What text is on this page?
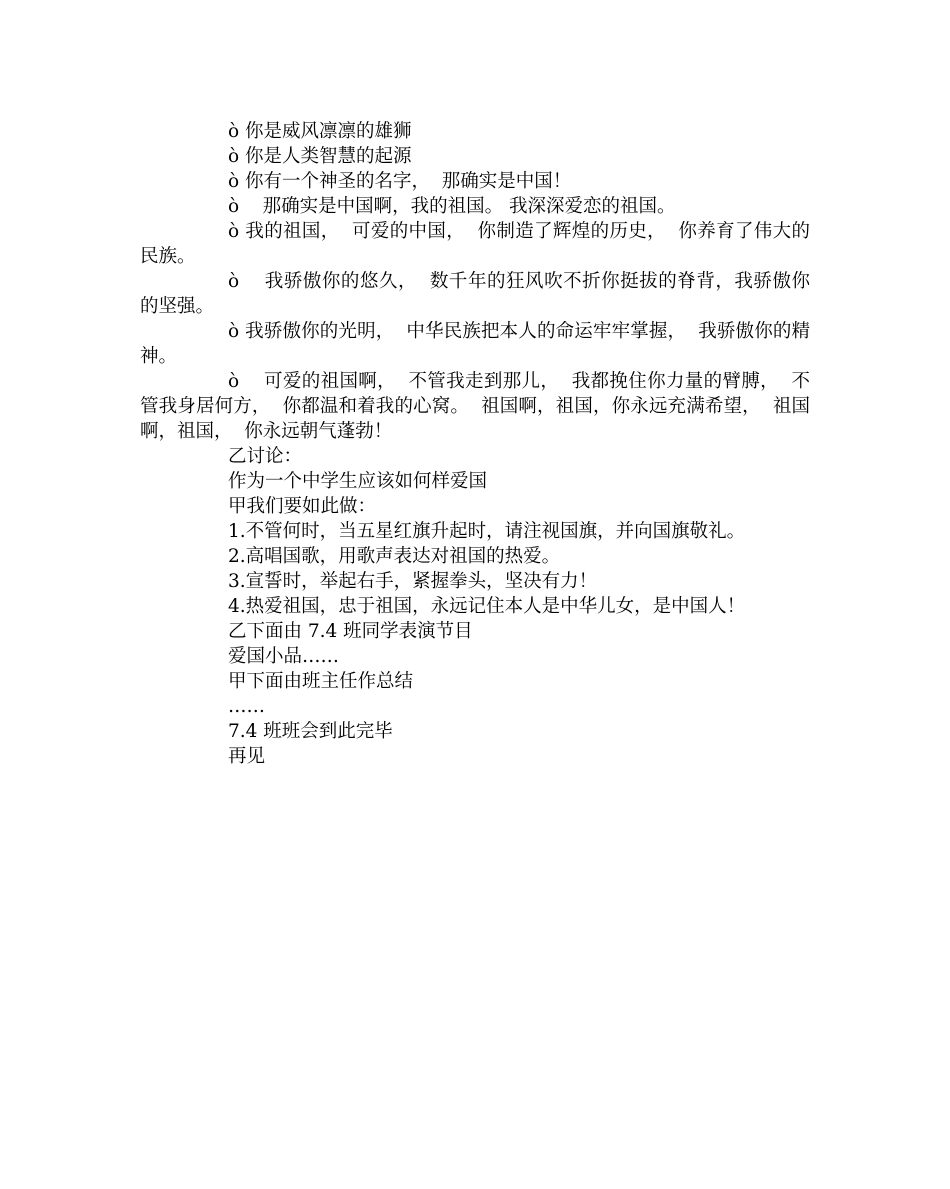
ò 你是威风凛凛的雄狮

ò 你是人类智慧的起源

ò 你有一个神圣的名字，  那确实是中国！

ò    那确实是中国啊，我的祖国。 我深深爱恋的祖国。

ò 我的祖国，  可爱的中国，  你制造了辉煌的历史，  你养育了伟大的民族。

ò    我骄傲你的悠久，  数千年的狂风吹不折你挺拔的脊背，我骄傲你的坚强。

ò 我骄傲你的光明，  中华民族把本人的命运牢牢掌握，  我骄傲你的精神。

ò    可爱的祖国啊，  不管我走到那儿，  我都挽住你力量的臂膊，  不管我身居何方，  你都温和着我的心窝。  祖国啊，祖国，你永远充满希望，  祖国啊，祖国，  你永远朝气蓬勃！

乙讨论：

作为一个中学生应该如何样爱国

甲我们要如此做：

1.不管何时，当五星红旗升起时，请注视国旗，并向国旗敬礼。

2.高唱国歌，用歌声表达对祖国的热爱。

3.宣誓时，举起右手，紧握拳头，坚决有力！

4.热爱祖国，忠于祖国，永远记住本人是中华儿女，是中国人！

乙下面由 7.4 班同学表演节目

爱国小品……

甲下面由班主任作总结

……

7.4 班班会到此完毕

再见
